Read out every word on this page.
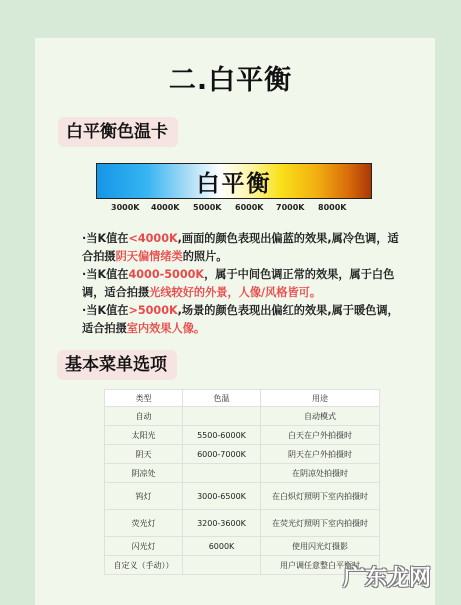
二.白平衡
白平衡色温卡
白平衡
3000K 4000K 5000K 6000K 7000K 8000K
·当K值在<4000K,画面的颜色表现出偏蓝的效果,属冷色调，适合拍摄阴天偏情绪类的照片。
·当K值在4000-5000K，属于中间色调正常的效果，属于白色调，适合拍摄光线较好的外景，人像/风格皆可。
·当K值在>5000K,场景的颜色表现出偏红的效果,属于暖色调，适合拍摄室内效果人像。
基本菜单选项
类型	色温	用途
自动		自动模式
太阳光	5500-6000K	白天在户外拍摄时
阴天	6000-7000K	阴天在户外拍摄时
阴凉处		在阴凉处拍摄时
钨灯	3000-6500K	在白炽灯照明下室内拍摄时
荧光灯	3200-3600K	在荧光灯照明下室内拍摄时
闪光灯	6000K	使用闪光灯摄影
自定义（手动））		用户调任意整白平衡时
广东龙网
